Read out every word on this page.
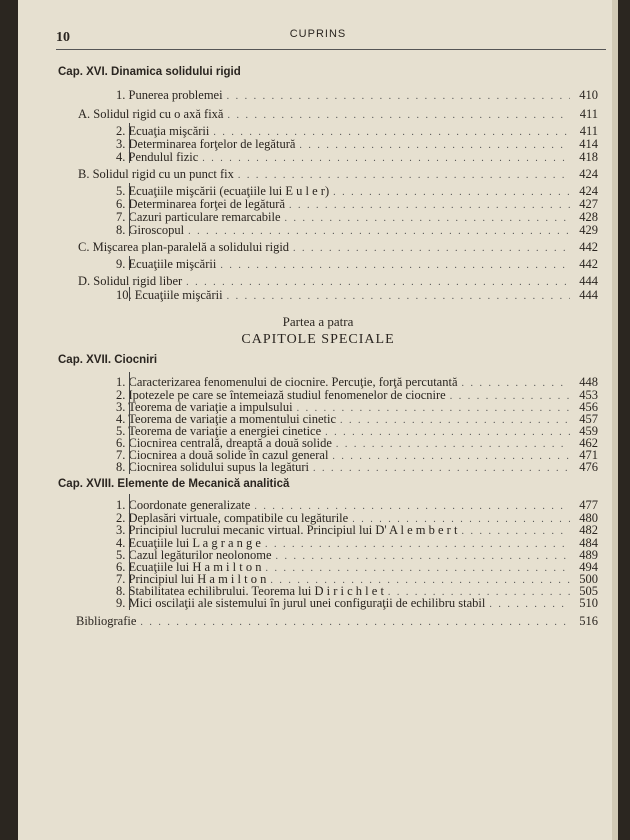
10	CUPRINS
Cap. XVI. Dinamica solidului rigid
1. Punerea problemei . . .	410
A. Solidul rigid cu o axă fixă . . .	411
2. Ecuaţia mişcării . . .	411
3. Determinarea forţelor de legătură . . .	414
4. Pendulul fizic . . .	418
B. Solidul rigid cu un punct fix . . .	424
5. Ecuaţiile mişcării (ecuaţiile lui E u l e r) . . .	424
6. Determinarea forţei de legătură . . .	427
7. Cazuri particulare remarcabile . . .	428
8. Giroscopul . . .	429
C. Mişcarea plan-paralelă a solidului rigid . . .	442
9. Ecuaţiile mişcării . . .	442
D. Solidul rigid liber . . .	444
10. Ecuaţiile mişcării . . .	444
Partea a patra
CAPITOLE SPECIALE
Cap. XVII. Ciocniri
1. Caracterizarea fenomenului de ciocnire. Percuţie, forţă percutantă . . .	448
2. Ipotezele pe care se întemeiază studiul fenomenelor de ciocnire . . .	453
3. Teorema de variaţie a impulsului . . .	456
4. Teorema de variaţie a momentului cinetic . . .	457
5. Teorema de variaţie a energiei cinetice . . .	459
6. Ciocnirea centrală, dreaptă a două solide . . .	462
7. Ciocnirea a două solide în cazul general . . .	471
8. Ciocnirea solidului supus la legături . . .	476
Cap. XVIII. Elemente de Mecanică analitică
1. Coordonate generalizate . . .	477
2. Deplasări virtuale, compatibile cu legăturile . . .	480
3. Principiul lucrului mecanic virtual. Principiul lui D' A l e m b e r t . . .	482
4. Ecuaţiile lui L a g r a n g e . . .	484
5. Cazul legăturilor neolonome . . .	489
6. Ecuaţiile lui H a m i l t o n . . .	494
7. Principiul lui H a m i l t o n . . .	500
8. Stabilitatea echilibrului. Teorema lui D i r i c h l e t . . .	505
9. Mici oscilaţii ale sistemului în jurul unei configuraţii de echilibru stabil . . .	510
Bibliografie . . .	516
